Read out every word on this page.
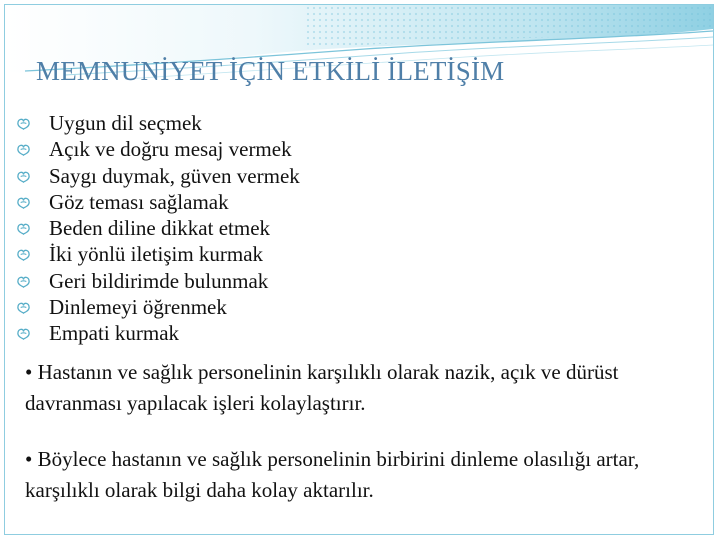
MEMNUNİYET İÇİN ETKİLİ İLETİŞİM
Uygun dil seçmek
Açık ve doğru mesaj vermek
Saygı duymak, güven vermek
Göz teması sağlamak
Beden diline dikkat etmek
İki yönlü iletişim kurmak
Geri bildirimde bulunmak
Dinlemeyi öğrenmek
Empati kurmak

• Hastanın ve sağlık personelinin karşılıklı olarak nazik, açık ve dürüst davranması yapılacak işleri kolaylaştırır.

• Böylece hastanın ve sağlık personelinin birbirini dinleme olasılığı artar, karşılıklı olarak bilgi daha kolay aktarılır.
